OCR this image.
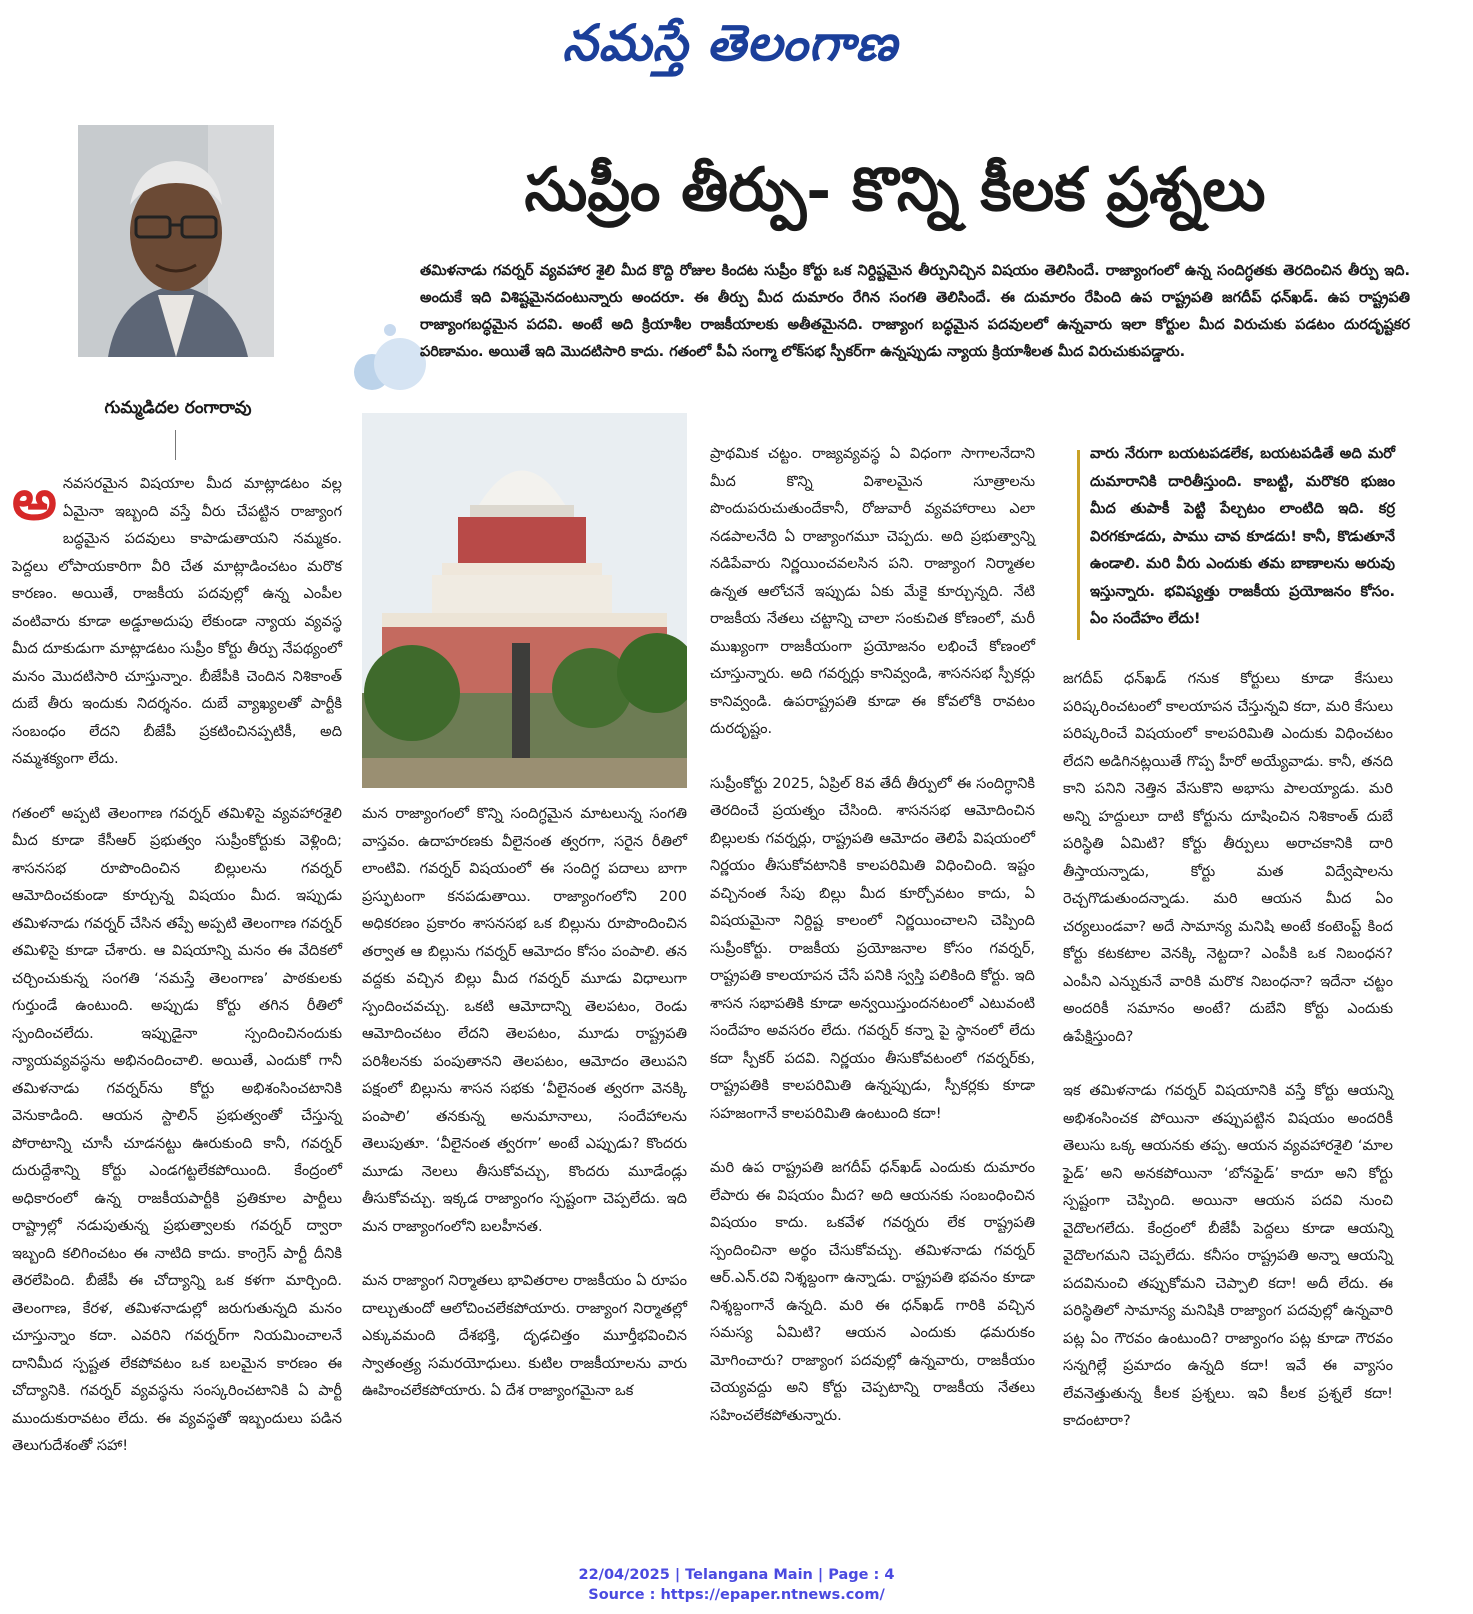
నమస్తే తెలంగాణ
గుమ్మడిదల రంగారావు
సుప్రీం తీర్పు- కొన్ని కీలక ప్రశ్నలు
తమిళనాడు గవర్నర్ వ్యవహార శైలి మీద కొద్ది రోజుల కిందట సుప్రీం కోర్టు ఒక నిర్దిష్టమైన తీర్పునిచ్చిన విషయం తెలిసిందే. రాజ్యాంగంలో ఉన్న సందిగ్ధతకు తెరదించిన తీర్పు ఇది. అందుకే ఇది విశిష్టమైనదంటున్నారు అందరూ. ఈ తీర్పు మీద దుమారం రేగిన సంగతి తెలిసిందే. ఈ దుమారం రేపింది ఉప రాష్ట్రపతి జగదీప్ ధన్‌ఖడ్. ఉప రాష్ట్రపతి రాజ్యాంగబద్ధమైన పదవి. అంటే అది క్రియాశీల రాజకీయాలకు అతీతమైనది. రాజ్యాంగ బద్ధమైన పదవులలో ఉన్నవారు ఇలా కోర్టుల మీద విరుచుకు పడటం దురదృష్టకర పరిణామం. అయితే ఇది మొదటిసారి కాదు. గతంలో పీఏ సంగ్మా లోక్‌సభ స్పీకర్‌గా ఉన్నప్పుడు న్యాయ క్రియాశీలత మీద విరుచుకుపడ్డారు.

అనవసరమైన విషయాల మీద మాట్లాడటం వల్ల ఏమైనా ఇబ్బంది వస్తే వీరు చేపట్టిన రాజ్యాంగ బద్ధమైన పదవులు కాపాడుతాయని నమ్మకం. పెద్దలు లోపాయకారిగా వీరి చేత మాట్లాడించటం మరొక కారణం. అయితే, రాజకీయ పదవుల్లో ఉన్న ఎంపీల వంటివారు కూడా అడ్డూఅదుపు లేకుండా న్యాయ వ్యవస్థ మీద దూకుడుగా మాట్లాడటం సుప్రీం కోర్టు తీర్పు నేపథ్యంలో మనం మొదటిసారి చూస్తున్నాం. బీజేపీకి చెందిన నిశికాంత్ దుబే తీరు ఇందుకు నిదర్శనం. దుబే వ్యాఖ్యలతో పార్టీకి సంబంధం లేదని బీజేపీ ప్రకటించినప్పటికీ, అది నమ్మశక్యంగా లేదు.

గతంలో అప్పటి తెలంగాణ గవర్నర్ తమిళిసై వ్యవహారశైలి మీద కూడా కేసీఆర్ ప్రభుత్వం సుప్రీంకోర్టుకు వెళ్లింది; శాసనసభ రూపొందించిన బిల్లులను గవర్నర్ ఆమోదించకుండా కూర్చున్న విషయం మీద. ఇప్పుడు తమిళనాడు గవర్నర్ చేసిన తప్పే అప్పటి తెలంగాణ గవర్నర్ తమిళిసై కూడా చేశారు. ఆ విషయాన్ని మనం ఈ వేదికలో చర్చించుకున్న సంగతి ‘నమస్తే తెలంగాణ’ పాఠకులకు గుర్తుండే ఉంటుంది. అప్పుడు కోర్టు తగిన రీతిలో స్పందించలేదు. ఇప్పుడైనా స్పందించినందుకు న్యాయవ్యవస్థను అభినందించాలి. అయితే, ఎందుకో గానీ తమిళనాడు గవర్నర్‌ను కోర్టు అభిశంసించటానికి వెనుకాడింది. ఆయన స్టాలిన్ ప్రభుత్వంతో చేస్తున్న పోరాటాన్ని చూసీ చూడనట్టు ఊరుకుంది కానీ, గవర్నర్ దురుద్దేశాన్ని కోర్టు ఎండగట్టలేకపోయింది. కేంద్రంలో అధికారంలో ఉన్న రాజకీయపార్టీకి ప్రతికూల పార్టీలు రాష్ట్రాల్లో నడుపుతున్న ప్రభుత్వాలకు గవర్నర్ ద్వారా ఇబ్బంది కలిగించటం ఈ నాటిది కాదు. కాంగ్రెస్ పార్టీ దీనికి తెరలేపింది. బీజేపీ ఈ చోద్యాన్ని ఒక కళగా మార్చింది. తెలంగాణ, కేరళ, తమిళనాడుల్లో జరుగుతున్నది మనం చూస్తున్నాం కదా. ఎవరిని గవర్నర్‌గా నియమించాలనే దానిమీద స్పష్టత లేకపోవటం ఒక బలమైన కారణం ఈ చోద్యానికి. గవర్నర్ వ్యవస్థను సంస్కరించటానికి ఏ పార్టీ ముందుకురావటం లేదు. ఈ వ్యవస్థతో ఇబ్బందులు పడిన తెలుగుదేశంతో సహా!

మన రాజ్యాంగంలో కొన్ని సందిగ్ధమైన మాటలున్న సంగతి వాస్తవం. ఉదాహరణకు వీలైనంత త్వరగా, సరైన రీతిలో లాంటివి. గవర్నర్ విషయంలో ఈ సందిగ్ధ పదాలు బాగా ప్రస్ఫుటంగా కనపడుతాయి. రాజ్యాంగంలోని 200 అధికరణం ప్రకారం శాసనసభ ఒక బిల్లును రూపొందించిన తర్వాత ఆ బిల్లును గవర్నర్ ఆమోదం కోసం పంపాలి. తన వద్దకు వచ్చిన బిల్లు మీద గవర్నర్ మూడు విధాలుగా స్పందించవచ్చు. ఒకటి ఆమోదాన్ని తెలపటం, రెండు ఆమోదించటం లేదని తెలపటం, మూడు రాష్ట్రపతి పరిశీలనకు పంపుతానని తెలపటం, ఆమోదం తెలుపని పక్షంలో బిల్లును శాసన సభకు ‘వీలైనంత త్వరగా వెనక్కి పంపాలి’ తనకున్న అనుమానాలు, సందేహాలను తెలుపుతూ. ‘వీలైనంత త్వరగా’ అంటే ఎప్పుడు? కొందరు మూడు నెలలు తీసుకోవచ్చు, కొందరు మూడేండ్లు తీసుకోవచ్చు. ఇక్కడ రాజ్యాంగం స్పష్టంగా చెప్పలేదు. ఇది మన రాజ్యాంగంలోని బలహీనత.

మన రాజ్యాంగ నిర్మాతలు భావితరాల రాజకీయం ఏ రూపం దాల్చుతుందో ఆలోచించలేకపోయారు. రాజ్యాంగ నిర్మాతల్లో ఎక్కువమంది దేశభక్తి, దృఢచిత్తం మూర్తీభవించిన స్వాతంత్ర్య సమరయోధులు. కుటిల రాజకీయాలను వారు ఊహించలేకపోయారు. ఏ దేశ రాజ్యాంగమైనా ఒక

ప్రాథమిక చట్టం. రాజ్యవ్యవస్థ ఏ విధంగా సాగాలనేదాని మీద కొన్ని విశాలమైన సూత్రాలను పొందుపరుచుతుందేకానీ, రోజువారీ వ్యవహారాలు ఎలా నడపాలనేది ఏ రాజ్యాంగమూ చెప్పదు. అది ప్రభుత్వాన్ని నడిపేవారు నిర్ణయించవలసిన పని. రాజ్యాంగ నిర్మాతల ఉన్నత ఆలోచనే ఇప్పుడు ఏకు మేకై కూర్చున్నది. నేటి రాజకీయ నేతలు చట్టాన్ని చాలా సంకుచిత కోణంలో, మరీ ముఖ్యంగా రాజకీయంగా ప్రయోజనం లభించే కోణంలో చూస్తున్నారు. అది గవర్నర్లు కానివ్వండి, శాసనసభ స్పీకర్లు కానివ్వండి. ఉపరాష్ట్రపతి కూడా ఈ కోవలోకి రావటం దురదృష్టం.

సుప్రీంకోర్టు 2025, ఏప్రిల్ 8వ తేదీ తీర్పులో ఈ సందిగ్ధానికి తెరదించే ప్రయత్నం చేసింది. శాసనసభ ఆమోదించిన బిల్లులకు గవర్నర్లు, రాష్ట్రపతి ఆమోదం తెలిపే విషయంలో నిర్ణయం తీసుకోవటానికి కాలపరిమితి విధించింది. ఇష్టం వచ్చినంత సేపు బిల్లు మీద కూర్చోవటం కాదు, ఏ విషయమైనా నిర్దిష్ట కాలంలో నిర్ణయించాలని చెప్పింది సుప్రీంకోర్టు. రాజకీయ ప్రయోజనాల కోసం గవర్నర్, రాష్ట్రపతి కాలయాపన చేసే పనికి స్వస్తి పలికింది కోర్టు. ఇది శాసన సభాపతికి కూడా అన్వయిస్తుందనటంలో ఎటువంటి సందేహం అవసరం లేదు. గవర్నర్ కన్నా పై స్థానంలో లేదు కదా స్పీకర్ పదవి. నిర్ణయం తీసుకోవటంలో గవర్నర్‌కు, రాష్ట్రపతికి కాలపరిమితి ఉన్నప్పుడు, స్పీకర్లకు కూడా సహజంగానే కాలపరిమితి ఉంటుంది కదా!

మరి ఉప రాష్ట్రపతి జగదీప్ ధన్‌ఖడ్ ఎందుకు దుమారం లేపారు ఈ విషయం మీద? అది ఆయనకు సంబంధించిన విషయం కాదు. ఒకవేళ గవర్నరు లేక రాష్ట్రపతి స్పందించినా అర్థం చేసుకోవచ్చు. తమిళనాడు గవర్నర్ ఆర్.ఎన్.రవి నిశ్శబ్దంగా ఉన్నాడు. రాష్ట్రపతి భవనం కూడా నిశ్శబ్దంగానే ఉన్నది. మరి ఈ ధన్‌ఖడ్ గారికి వచ్చిన సమస్య ఏమిటి? ఆయన ఎందుకు ఢమరుకం మోగించారు? రాజ్యాంగ పదవుల్లో ఉన్నవారు, రాజకీయం చెయ్యవద్దు అని కోర్టు చెప్పటాన్ని రాజకీయ నేతలు సహించలేకపోతున్నారు.

వారు నేరుగా బయటపడలేక, బయటపడితే అది మరో దుమారానికి దారితీస్తుంది. కాబట్టి, మరొకరి భుజం మీద తుపాకీ పెట్టి పేల్చటం లాంటిది ఇది. కర్ర విరగకూడదు, పాము చావ కూడదు! కానీ, కొడుతూనే ఉండాలి. మరి వీరు ఎందుకు తమ బాణాలను అరువు ఇస్తున్నారు. భవిష్యత్తు రాజకీయ ప్రయోజనం కోసం. ఏం సందేహం లేదు!

జగదీప్ ధన్‌ఖడ్ గనుక కోర్టులు కూడా కేసులు పరిష్కరించటంలో కాలయాపన చేస్తున్నవి కదా, మరి కేసులు పరిష్కరించే విషయంలో కాలపరిమితి ఎందుకు విధించటం లేదని అడిగినట్లయితే గొప్ప హీరో అయ్యేవాడు. కానీ, తనది కాని పనిని నెత్తిన వేసుకొని అభాసు పాలయ్యాడు. మరి అన్ని హద్దులూ దాటి కోర్టును దూషించిన నిశికాంత్ దుబే పరిస్థితి ఏమిటి? కోర్టు తీర్పులు అరాచకానికి దారి తీస్తాయన్నాడు, కోర్టు మత విద్వేషాలను రెచ్చగొడుతుందన్నాడు. మరి ఆయన మీద ఏం చర్యలుండవా? అదే సామాన్య మనిషి అంటే కంటెంప్ట్ కింద కోర్టు కటకటాల వెనక్కి నెట్టదా? ఎంపీకి ఒక నిబంధన? ఎంపీని ఎన్నుకునే వారికి మరొక నిబంధనా? ఇదేనా చట్టం అందరికీ సమానం అంటే? దుబేని కోర్టు ఎందుకు ఉపేక్షిస్తుంది?

ఇక తమిళనాడు గవర్నర్ విషయానికి వస్తే కోర్టు ఆయన్ని అభిశంసించక పోయినా తప్పుపట్టిన విషయం అందరికీ తెలుసు ఒక్క ఆయనకు తప్ప. ఆయన వ్యవహారశైలి ‘మాల ఫైడ్’ అని అనకపోయినా ‘బోనఫైడ్’ కాదూ అని కోర్టు స్పష్టంగా చెప్పింది. అయినా ఆయన పదవి నుంచి వైదొలగలేదు. కేంద్రంలో బీజేపీ పెద్దలు కూడా ఆయన్ని వైదొలగమని చెప్పలేదు. కనీసం రాష్ట్రపతి అన్నా ఆయన్ని పదవినుంచి తప్పుకోమని చెప్పాలి కదా! అదీ లేదు. ఈ పరిస్థితిలో సామాన్య మనిషికి రాజ్యాంగ పదవుల్లో ఉన్నవారి పట్ల ఏం గౌరవం ఉంటుంది? రాజ్యాంగం పట్ల కూడా గౌరవం సన్నగిల్లే ప్రమాదం ఉన్నది కదా! ఇవే ఈ వ్యాసం లేవనెత్తుతున్న కీలక ప్రశ్నలు. ఇవి కీలక ప్రశ్నలే కదా! కాదంటారా?

22/04/2025 | Telangana Main | Page : 4
Source : https://epaper.ntnews.com/
